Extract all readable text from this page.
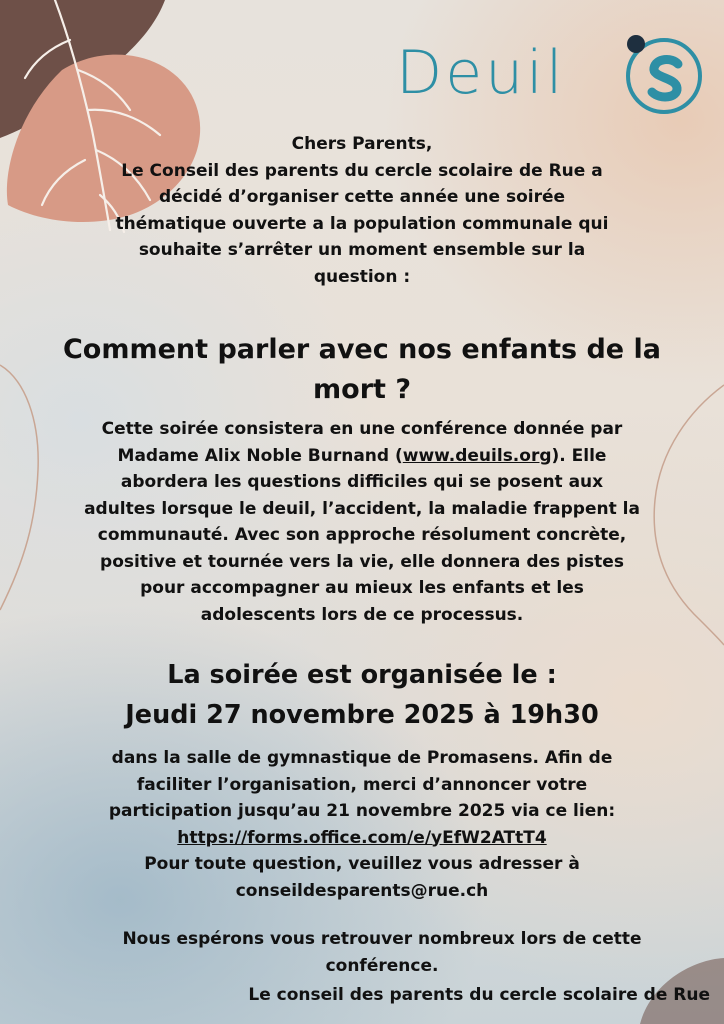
Deuil
Chers Parents,
Le Conseil des parents du cercle scolaire de Rue a
décidé d’organiser cette année une soirée
thématique ouverte a la population communale qui
souhaite s’arrêter un moment ensemble sur la
question :
Comment parler avec nos enfants de la
mort ?
Cette soirée consistera en une conférence donnée par
Madame Alix Noble Burnand (www.deuils.org). Elle
abordera les questions difficiles qui se posent aux
adultes lorsque le deuil, l’accident, la maladie frappent la
communauté. Avec son approche résolument concrète,
positive et tournée vers la vie, elle donnera des pistes
pour accompagner au mieux les enfants et les
adolescents lors de ce processus.
La soirée est organisée le :
Jeudi 27 novembre 2025 à 19h30
dans la salle de gymnastique de Promasens. Afin de
faciliter l’organisation, merci d’annoncer votre
participation jusqu’au 21 novembre 2025 via ce lien:
https://forms.office.com/e/yEfW2ATtT4
Pour toute question, veuillez vous adresser à
conseildesparents@rue.ch
Nous espérons vous retrouver nombreux lors de cette
conférence.
Le conseil des parents du cercle scolaire de Rue
